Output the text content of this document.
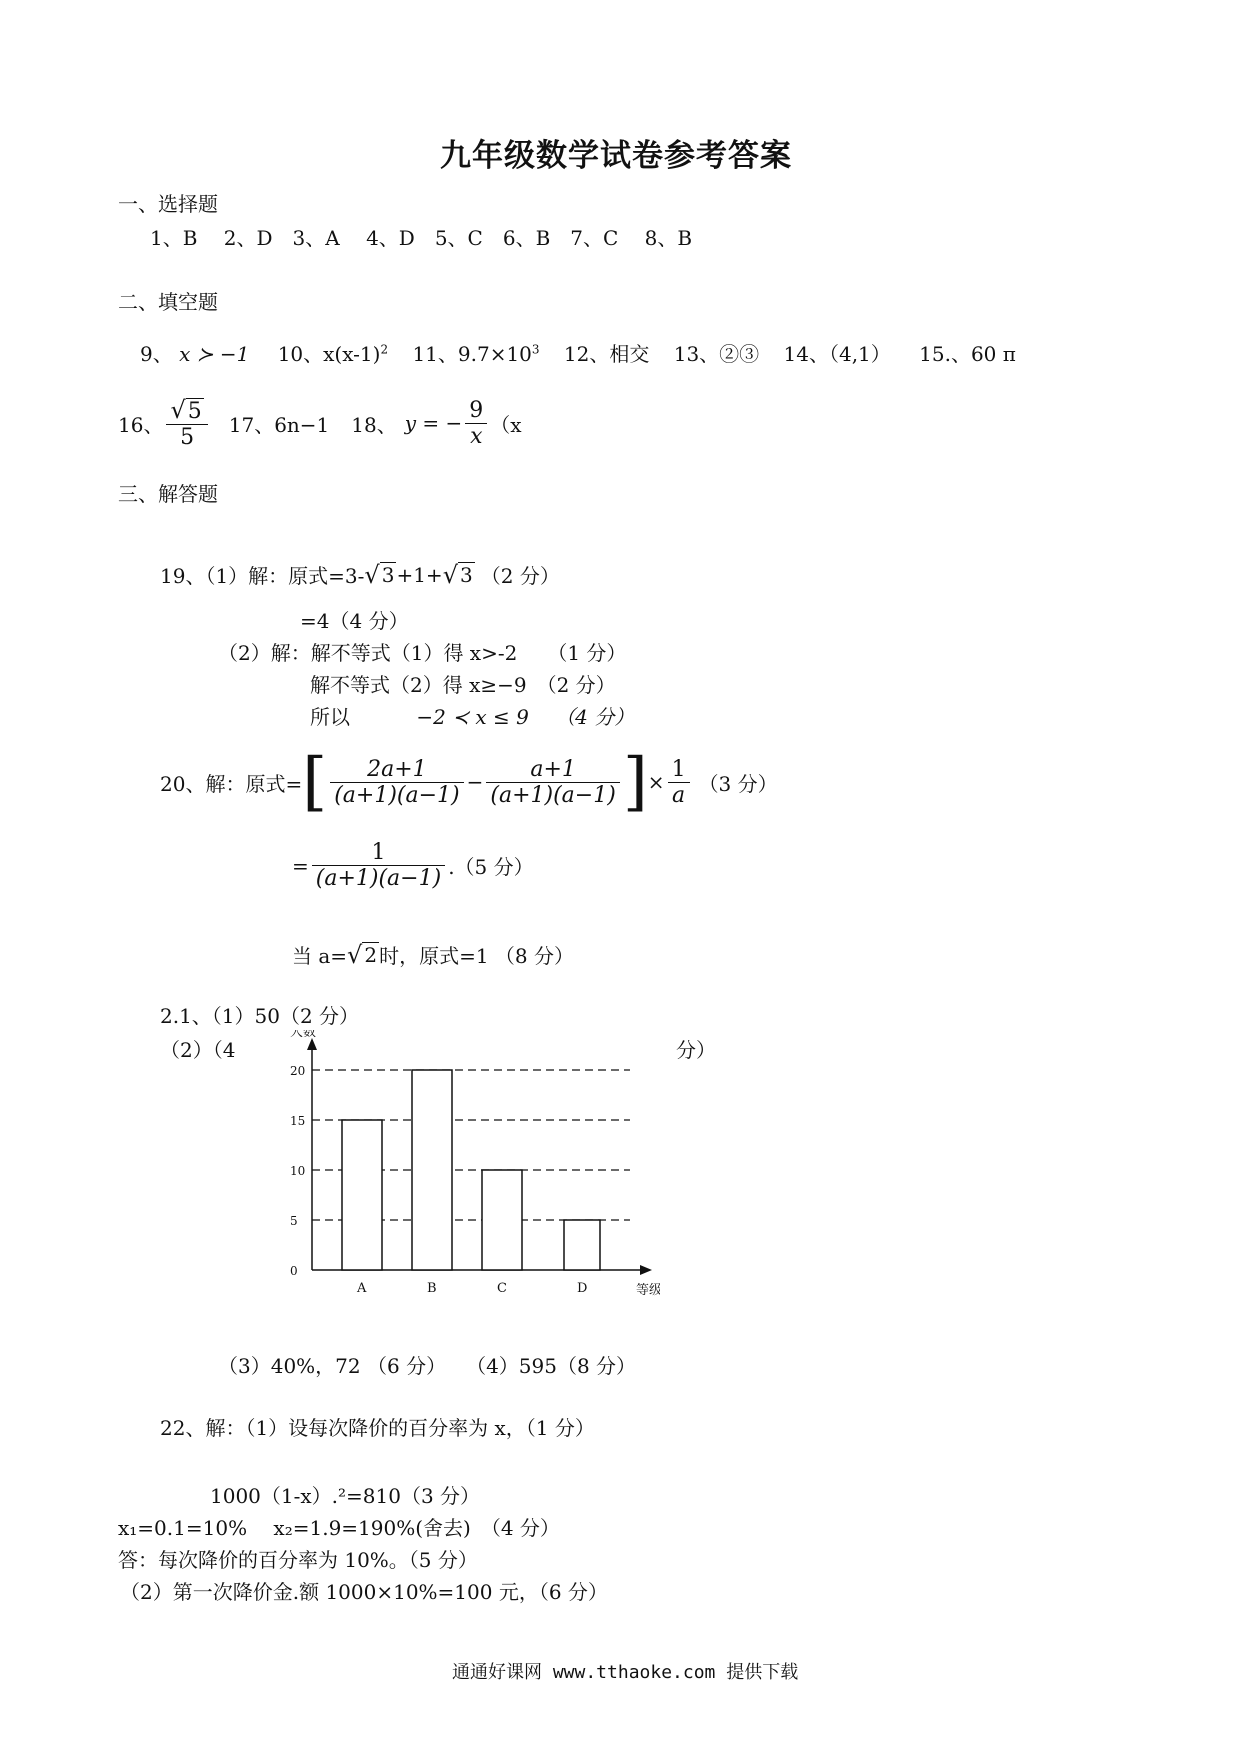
九年级数学试卷参考答案
一、选择题
1、B　 2、D　3、A　 4、D　5、C　6、B　7、C　 8、B
二、填空题
9、 x ≻ −1 10、$x(x-1)^2$ 11、$9.7\times 10^3$ 12、相交 13、②③ 14、（4,1） 15.、60 π
16、 $\frac{√5}{5} 17$、6n−1 18、 y = − $\frac{9}{x} (x$
三、解答题
19、（1）解：原式=3- √ 3 +1+ √ 3 （2 分）
=4（4 分）
（2）解：解不等式（1）得 x>-2　　（1 分）
解不等式（2）得 x≥−9　（2 分）
所以	−2 ≺ x ≤ 9　 （4 分）
20、解：原式= [ $\frac{2a+1}{(a+1)(a-1)} - \frac{a+1}{(a+1)(a-1)}$ ] × $\frac{1}{a} (3$ 分）
= $\frac{1}{(a+1)(a-1)} .(5$ 分）
当 a= √ 2 时，原式=1 （8 分）
2.1、（1）50（2 分）
（2）（4	分）
人数
等级
0
5
10
15
20
A	B	C	D
（3）40%，72 （6 分）　　（4）595（8 分）
22、解：（1）设每次降价的百分率为 x，（1 分）
1000（1-x）.²=810（3 分）
x₁=0.1=10%　 x₂=1.9=190%(舍去)　（4 分）
答：每次降价的百分率为 10%。（5 分）
（2）第一次降价金.额 1000×10%=100 元，（6 分）
通通好课网 www.tthaoke.com 提供下载
